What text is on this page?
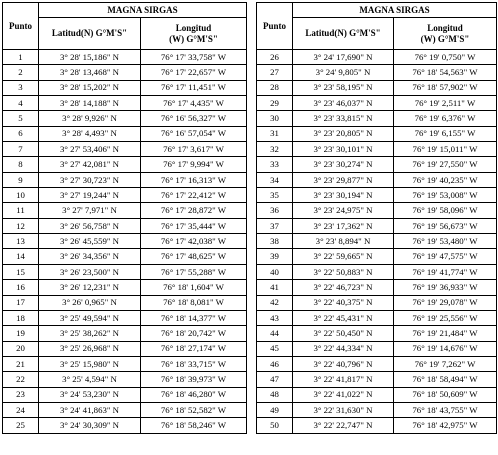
Punto	MAGNA SIRGAS	
	Latitud(N) G°M'S"	Longitud
(W) G°M'S"
1	3° 28' 15,186" N	76° 17' 33,758" W
2	3° 28' 13,468" N	76° 17' 22,657" W
3	3° 28' 15,202" N	76° 17' 11,451" W
4	3° 28' 14,188" N	76° 17' 4,435" W
5	3° 28' 9,926" N	76° 16' 56,327" W
6	3° 28' 4,493" N	76° 16' 57,054" W
7	3° 27' 53,406" N	76° 17' 3,617" W
8	3° 27' 42,081" N	76° 17' 9,994" W
9	3° 27' 30,723" N	76° 17' 16,313" W
10	3° 27' 19,244" N	76° 17' 22,412" W
11	3° 27' 7,971" N	76° 17' 28,872" W
12	3° 26' 56,758" N	76° 17' 35,444" W
13	3° 26' 45,559" N	76° 17' 42,038" W
14	3° 26' 34,356" N	76° 17' 48,625" W
15	3° 26' 23,500" N	76° 17' 55,288" W
16	3° 26' 12,231" N	76° 18' 1,604" W
17	3° 26' 0,965" N	76° 18' 8,081" W
18	3° 25' 49,594" N	76° 18' 14,377" W
19	3° 25' 38,262" N	76° 18' 20,742" W
20	3° 25' 26,968" N	76° 18' 27,174" W
21	3° 25' 15,980" N	76° 18' 33,715" W
22	3° 25' 4,594" N	76° 18' 39,973" W
23	3° 24' 53,230" N	76° 18' 46,280" W
24	3° 24' 41,863" N	76° 18' 52,582" W
25	3° 24' 30,309" N	76° 18' 58,246" W
Punto	MAGNA SIRGAS	
	Latitud(N) G°M'S"	Longitud
(W) G°M'S"
26	3° 24' 17,690" N	76° 19' 0,750" W
27	3° 24' 9,805" N	76° 18' 54,563" W
28	3° 23' 58,195" N	76° 18' 57,902" W
29	3° 23' 46,037" N	76° 19' 2,511" W
30	3° 23' 33,815" N	76° 19' 6,376" W
31	3° 23' 20,805" N	76° 19' 6,155" W
32	3° 23' 30,101" N	76° 19' 15,011" W
33	3° 23' 30,274" N	76° 19' 27,550" W
34	3° 23' 29,877" N	76° 19' 40,235" W
35	3° 23' 30,194" N	76° 19' 53,008" W
36	3° 23' 24,975" N	76° 19' 58,096" W
37	3° 23' 17,362" N	76° 19' 56,673" W
38	3° 23' 8,894" N	76° 19' 53,480" W
39	3° 22' 59,665" N	76° 19' 47,575" W
40	3° 22' 50,883" N	76° 19' 41,774" W
41	3° 22' 46,723" N	76° 19' 36,933" W
42	3° 22' 40,375" N	76° 19' 29,078" W
43	3° 22' 45,431" N	76° 19' 25,556" W
44	3° 22' 50,450" N	76° 19' 21,484" W
45	3° 22' 44,334" N	76° 19' 14,676" W
46	3° 22' 40,796" N	76° 19' 7,262" W
47	3° 22' 41,817" N	76° 18' 58,494" W
48	3° 22' 41,022" N	76° 18' 50,609" W
49	3° 22' 31,630" N	76° 18' 43,755" W
50	3° 22' 22,747" N	76° 18' 42,975" W
